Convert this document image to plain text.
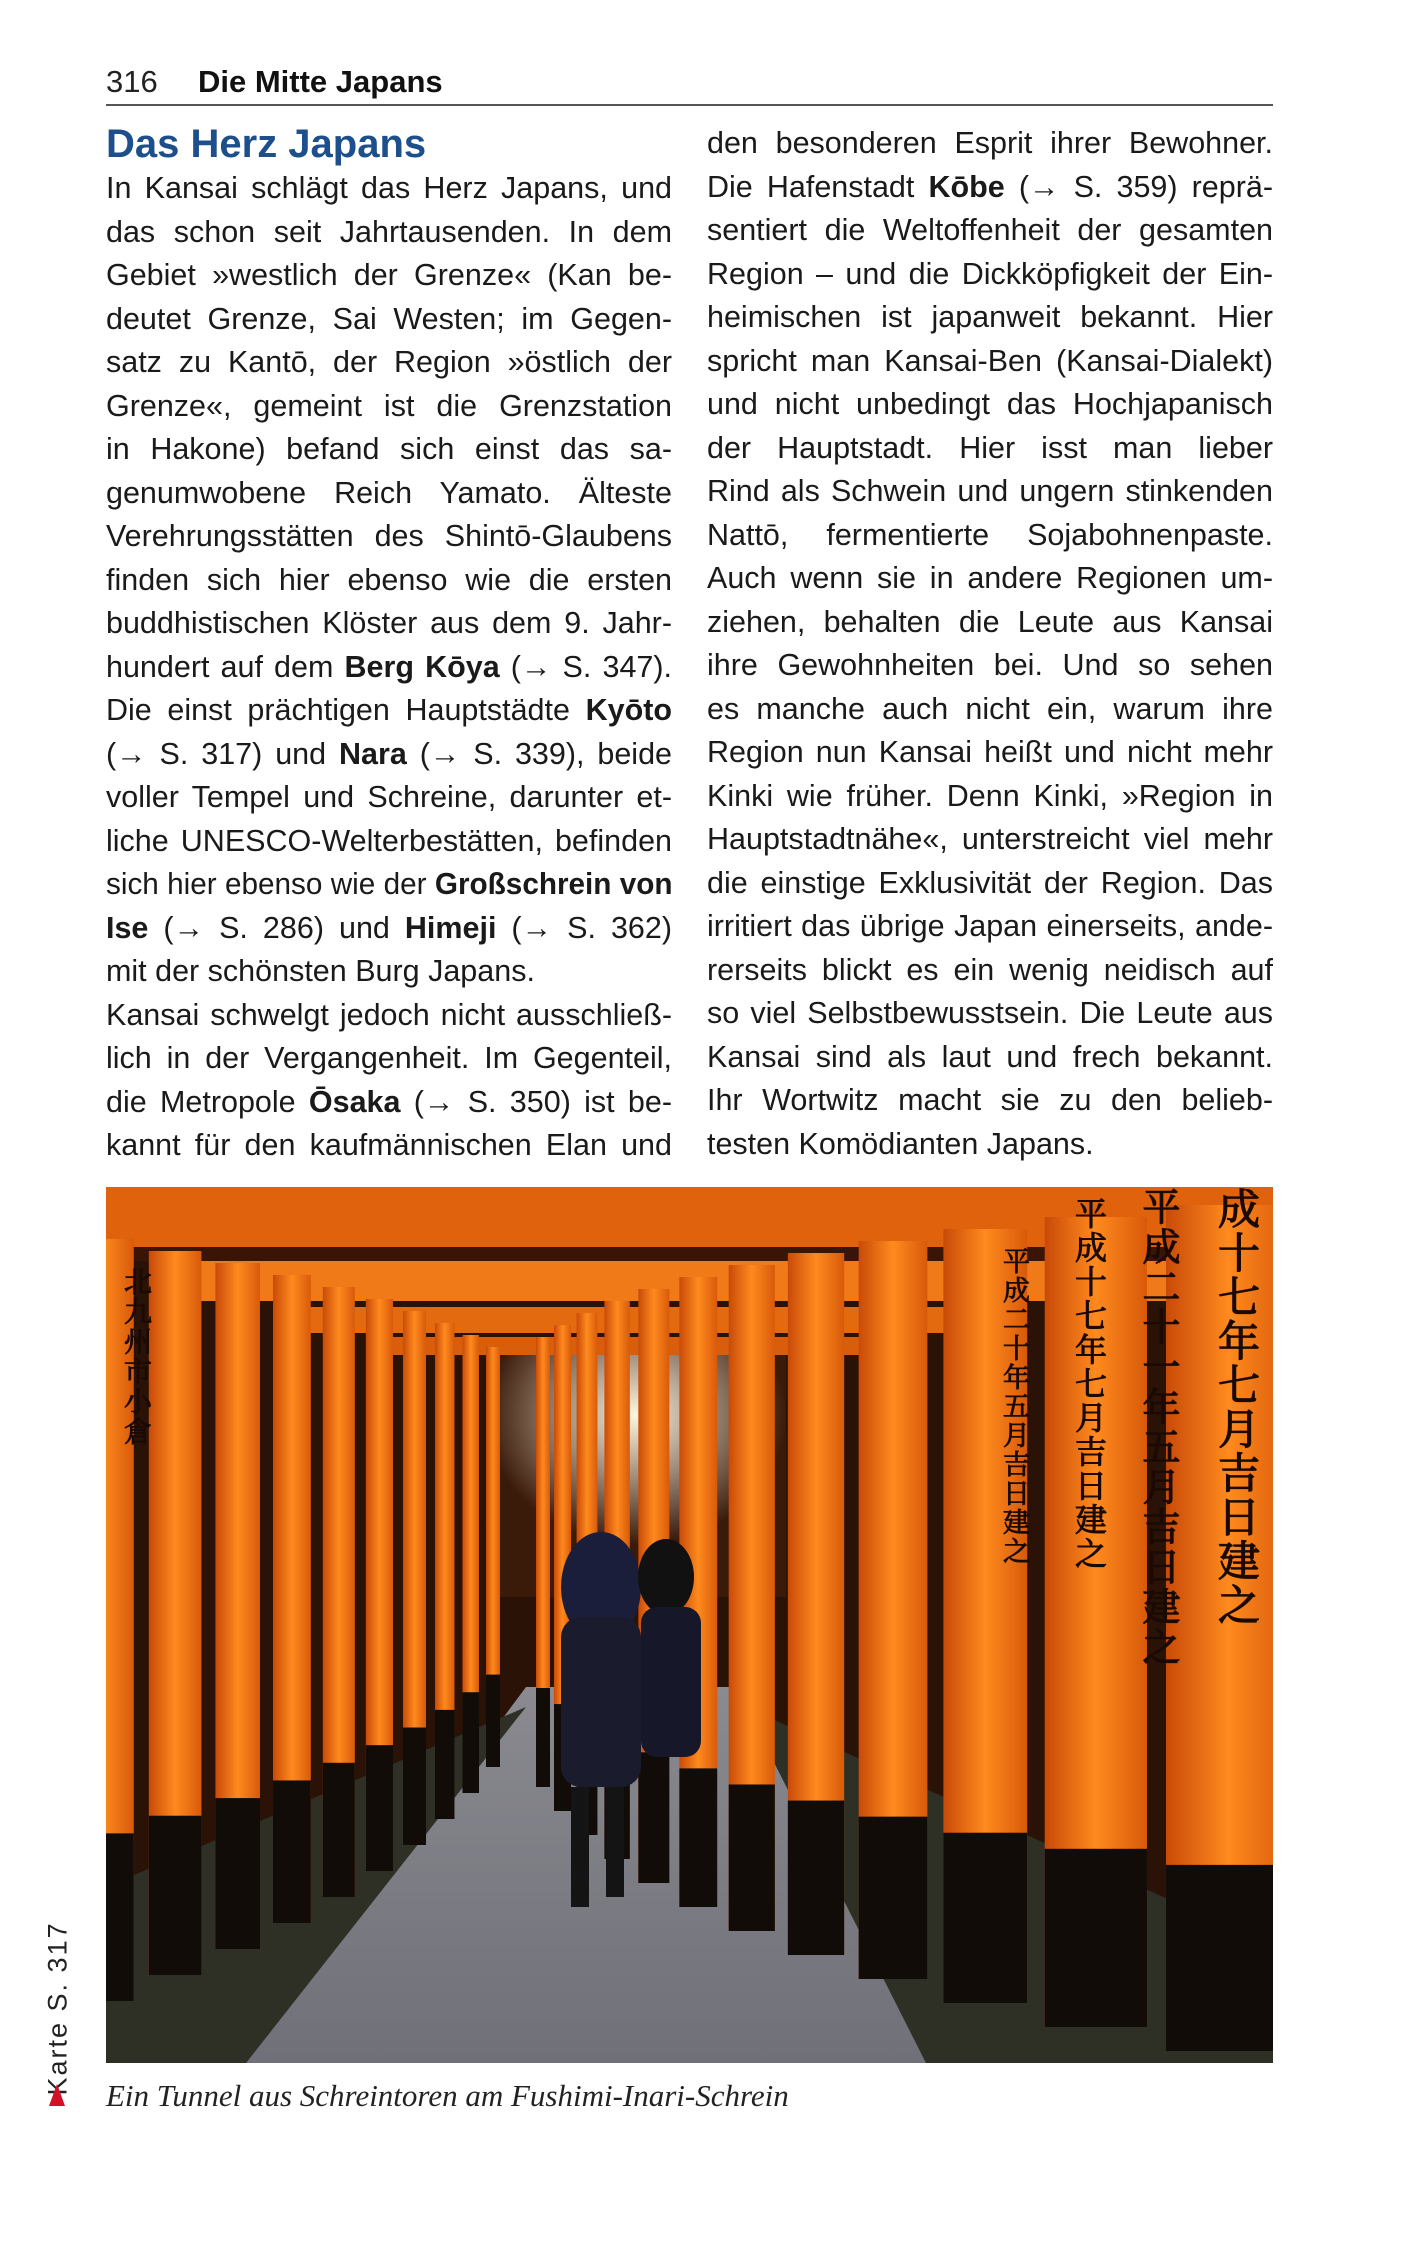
316 Die Mitte Japans
Das Herz Japans
In Kansai schlägt das Herz Japans, und
das schon seit Jahrtausenden. In dem
Gebiet »westlich der Grenze« (Kan be-
deutet Grenze, Sai Westen; im Gegen-
satz zu Kantō, der Region »östlich der
Grenze«, gemeint ist die Grenzstation
in Hakone) befand sich einst das sa-
genumwobene Reich Yamato. Älteste
Verehrungsstätten des Shintō-Glaubens
finden sich hier ebenso wie die ersten
buddhistischen Klöster aus dem 9. Jahr-
hundert auf dem Berg Kōya (→ S. 347).
Die einst prächtigen Hauptstädte Kyōto
(→ S. 317) und Nara (→ S. 339), beide
voller Tempel und Schreine, darunter et-
liche UNESCO-Welterbestätten, befinden
sich hier ebenso wie der Großschrein von
Ise (→ S. 286) und Himeji (→ S. 362)
mit der schönsten Burg Japans.
Kansai schwelgt jedoch nicht ausschließ-
lich in der Vergangenheit. Im Gegenteil,
die Metropole Ōsaka (→ S. 350) ist be-
kannt für den kaufmännischen Elan und
den besonderen Esprit ihrer Bewohner.
Die Hafenstadt Kōbe (→ S. 359) reprä-
sentiert die Weltoffenheit der gesamten
Region – und die Dickköpfigkeit der Ein-
heimischen ist japanweit bekannt. Hier
spricht man Kansai-Ben (Kansai-Dialekt)
und nicht unbedingt das Hochjapanisch
der Hauptstadt. Hier isst man lieber
Rind als Schwein und ungern stinkenden
Nattō, fermentierte Sojabohnenpaste.
Auch wenn sie in andere Regionen um-
ziehen, behalten die Leute aus Kansai
ihre Gewohnheiten bei. Und so sehen
es manche auch nicht ein, warum ihre
Region nun Kansai heißt und nicht mehr
Kinki wie früher. Denn Kinki, »Region in
Hauptstadtnähe«, unterstreicht viel mehr
die einstige Exklusivität der Region. Das
irritiert das übrige Japan einerseits, ande-
rerseits blickt es ein wenig neidisch auf
so viel Selbstbewusstsein. Die Leute aus
Kansai sind als laut und frech bekannt.
Ihr Wortwitz macht sie zu den belieb-
testen Komödianten Japans.
成十七年七月吉日建之
平成二十一年五月吉日建之
平成十七年七月吉日建之
平成二十年五月吉日建之
北九州市小倉
Ein Tunnel aus Schreintoren am Fushimi-Inari-Schrein
Karte S. 317
